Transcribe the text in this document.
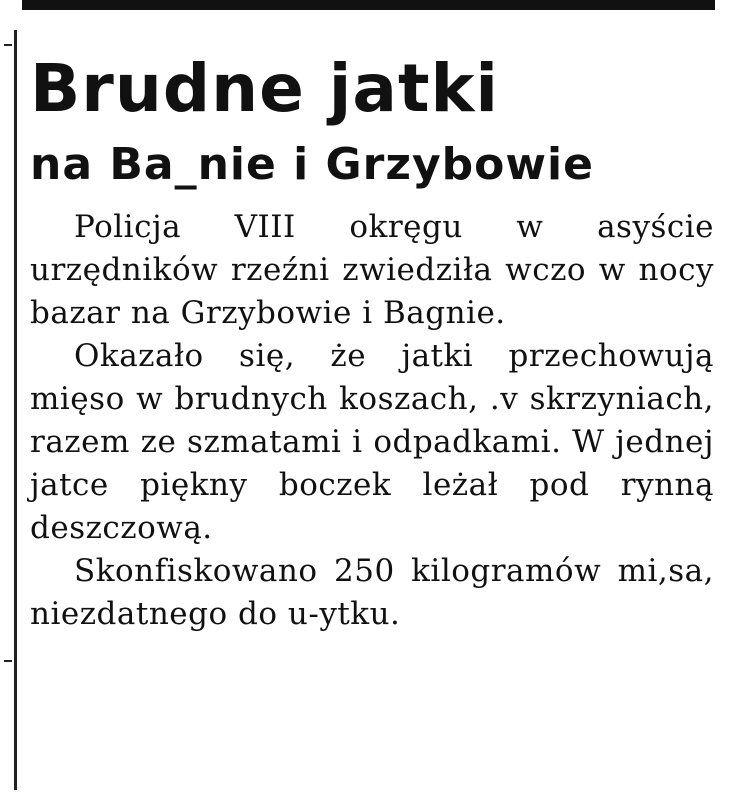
Brudne jatki
na Ba_nie i Grzybowie

Policja VIII okręgu w asyście urzędników rzeźni zwiedziła wczo w nocy bazar na Grzybowie i Bagnie.

Okazało się, że jatki przechowują mięso w brudnych koszach, .v skrzyniach, razem ze szmatami i odpadkami. W jednej jatce piękny boczek leżał pod rynną deszczową.

Skonfiskowano 250 kilogramów mi,sa, niezdatnego do u-ytku.
